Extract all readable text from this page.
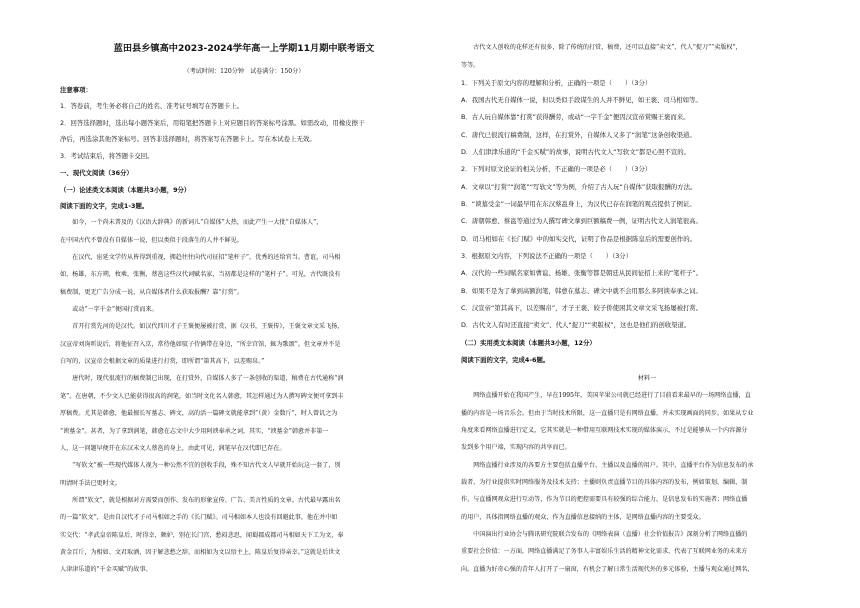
蓝田县乡镇高中2023-2024学年高一上学期11月期中联考语文
（考试时间：120分钟　试卷满分：150分）
注意事项：
1．答卷前，考生务必将自己的姓名、准考证号填写在答题卡上。
2．回答选择题时，选出每小题答案后，用铅笔把答题卡上对应题目的答案标号涂黑。如需改动，用橡皮擦干
净后，再选涂其他答案标号。回答非选择题时，将答案写在答题卡上。写在本试卷上无效。
3．考试结束后，将答题卡交回。
一、现代文阅读（36分）
（一）论述类文本阅读（本题共3小题，9分）
阅读下面的文字，完成1-3题。
　　如今，一个尚未普及的《汉语大辞典》的新词儿“自媒体”大热，而此产生一大批“自媒体人”，
在中国古代不曾没有自媒体一说，但以类似于段落生的人并不鲜见。
　　在汉代，宦延文学侍从皆得到重视，拥趋往往向代司征招“笔杆子”，优秀的还给官当。曹谊，司马相
如，杨雄，东方朔，枚乘，张衡，蔡邕这些汉代词赋名家，当初都是这样的“笔杆子”。可见，古代既没有
稿费制，更无广告分成一说，从自媒体者什么获取报酬？靠“打赏”。
　　或动“一字千金”便国打赏而来。
　　首开打赏先河的是汉代。如汉代四川才子王褒便屡被打赏，据《汉书，王褒传》，王褒文章文采飞扬，
汉宣帝刘询听说后，将他征召入京，常待他如驭子侍俩带在身边，“所幸宫馆，辄为歌颂”。但文章并不是
白写的，汉宣帝会根据文章的质量进行打赏，即所谓“第其高下，以差赐帛。”
　　唐代时，现代很流行的稿费制已出现，在打赏外，自媒体人多了一条创收的渠道，稿费在古代通称“润
笔”。在唐朝，不少文人已能获得很高的润笔，如当时文化名人韩愈，其怎样通过为人撰写碑文便可拿到丰
厚稿费。尤其是韩愈，他最擅长写墓志、碑文，高的活一篇碑文就能拿到“（黄）金数斤”，时人曾讥之为
“谀墓金”。甚者，为了拿到润笔，韩愈在志文中大少用阿谀奉承之词，其实，“谀墓金”韩愈并非第一
人，这一问题早便开在东汉末文人蔡邕的身上，由此可见，润笔早在汉代即已存在。
　　“写软文”被一些现代媒体人视为一种公然不宜的创收手段，殊不知古代文人早就开始玩这一套了，别
明清时手法已更时文。
　　所谓“软文”，就是根据对方需要而创作、发布的形象宣传、广告、美言性质的文章。古代最早露出名
的一篇“软文”，是由自汉代才子司马相如之手的《长门赋》。司马相如本人也没有回避此事，他在并中如
实交代：“孝武皇帝陈皇后，时得幸，颇妒，别在长门宫，愁闷悲思，闻蜀郡成都司马相如天下工为文，奉
黄金百斤，为相如、文君取酒，因于解悲愁之辞，而相如为文以悟主上，陈皇后复得亲幸。”这就是后世文
人津津乐道的“千金买赋”的故事。
　　古代文人创收的花样还有很多，除了传统的打赏、稿费，还可以直接“卖文”、代人“捉刀”“卖版权”，
等等。
1．下列关于原文内容的理解和分析，正确的一项是（　　）（3分）
A．我国古代无自媒体一说，但以类似手段谋生的人并不鲜见，如王褒、司马相如等。
B．古人玩自媒体靠“打赏”获得酬劳，或动“一字千金”便因汉宣帝赏赐王褒而来。
C．唐代已很流行稿费制，这样，在打赏外，自媒体人又多了“润笔”这条创收渠道。
D．人们津津乐道的“千金买赋”的故事，说明古代文人“写软文”都是心照不宣的。
2．下列对原文论证的相关分析，不正确的一项是必（　　）（3分）
A．文章以“打赏”“润笔”“写软文”等为例，介绍了古人玩“自媒体”获取报酬的方法。
B．“谀墓受金”一词最早用在东汉蔡邕身上，为汉代已存在润笔的观点提供了例证。
C．唐朝韩愈、蔡邕等通过为人撰写碑文拿到巨额稿费一例，证明古代文人润笔很高。
D．司马相如在《长门赋》中的如实交代，证明了作品是根据陈皇后的需要创作的。
3．根据原文内容，下列说法不正确的一项是（　　）（3分）
A．汉代的一些词赋名家如曹谊、杨雄、张衡等都是朝廷从民间征招上来的“笔杆子”。
B．如果不是为了拿到高额润笔，韩愈在墓志、碑文中就不会用那么多阿谀奉承之词。
C．汉宣帝“第其高下，以差赐帛”，才子王褒、皎子侨使困其文章文采飞扬屡被打赏。
D．古代文人有时还直接“卖文”、代人“捉刀”“卖版权”，这也是他们的创收渠道。
（二）实用类文本阅读（本题共3小题，12分）
阅读下面的文字，完成4-6题。
材料一
　　网络直播开始在我国产生，早在1995年，美国苹果公司就已经进行了目前看来最早的一场网络直播，直
播的内容是一场音乐会。但由于当时技术所限，这一直播只是有网络直播，并未实现画面的同步。如果从专业
角度来看网络直播进行定义，它其实就是一种借用互联网技术实现的媒体演示，不过是能够从一个内容源分
发到多个用户端，实现内容的共享而已。
　　网络直播行业涉及的各要方主要包括直播平台、主播以及直播的用户。其中，直播平台作为信息发布的承
载者，为行业提供实时网络服务及技术支持；主播则负责直播节目的具体内容的发布，例如策划、编辑、制
作，与直播网观众进行互动等，作为节目的把控需要具有较强的综合能力，是信息发布的实施者；网络直播
的用户，具体指网络直播的观众，作为直播信息接纳的主体，是网络直播内容的主要受众。
　　中国演出行业协会与腾讯研究院联合发布的《网络表演（直播）社会价值报告》深刻分析了网络直播的
重要社会价值：一方面，网络直播满足了务事人丰富娱乐生活的精神文化需求，代表了互联网业务的未来方
向。直播为好奇心强的青年人打开了一扇窗，有机会了解日常生活现代外的多元体验，主播与观众通过网名、
